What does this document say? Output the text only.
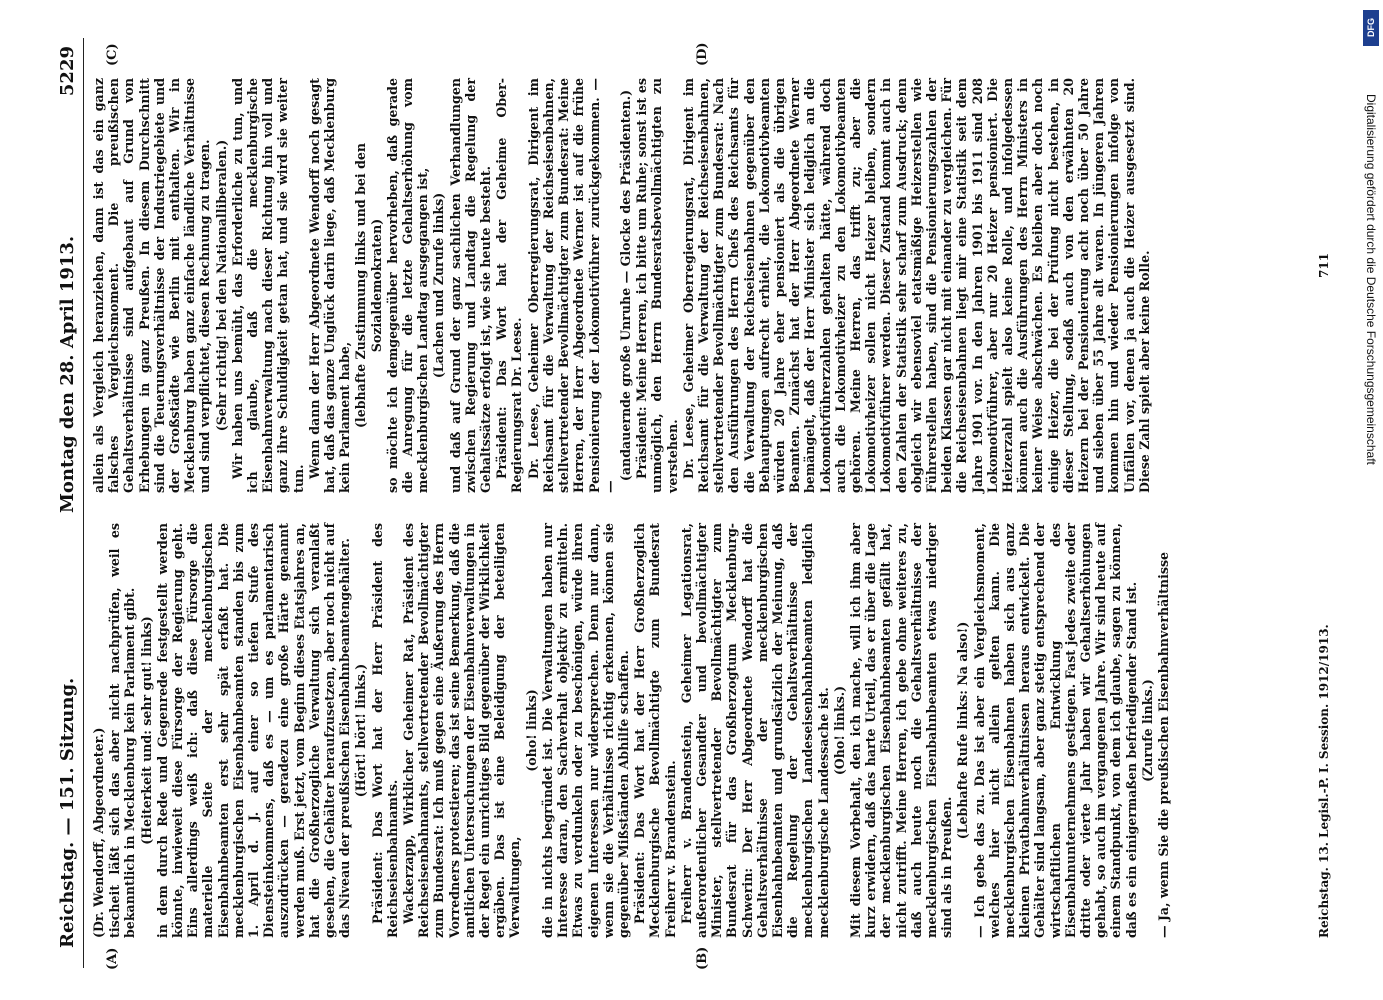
Reichstag. — 151. Sitzung.
Montag den 28. April 1913.
5229
(A)	(B)
(C)	(D)

(Dr. Wendorff, Abgeordneter.) tischeit läßt sich das aber nicht nachprüfen, weil es bekanntlich in Mecklenburg kein Parlament gibt. (Heiterkeit und: sehr gut! links) in dem durch Rede und Gegenrede festgestellt werden könnte, inwieweit diese Fürsorge der Regierung geht. Eins allerdings weiß ich: daß diese Fürsorge die materielle Seite der mecklenburgischen Eisenbahnbeamten erst sehr spät erfaßt hat. Die mecklenburgischen Eisenbahnbeamten standen bis zum 1. April d. J. auf einer so tiefen Stufe des Diensteinkommens, daß es — um es parlamentarisch auszudrücken — geradezu eine große Härte genannt werden muß. Erst jetzt, vom Beginn dieses Etatsjahres an, hat die Großherzogliche Verwaltung sich veranlaßt gesehen, die Gehälter heraufzusetzen, aber noch nicht auf das Niveau der preußischen Eisenbahnbeamtengehälter. (Hört! hört! links.) Präsident: Das Wort hat der Herr Präsident des Reichseisenbahnamts. Wackerzapp, Wirklicher Geheimer Rat, Präsident des Reichseisenbahnamts, stellvertretender Bevollmächtigter zum Bundesrat: Ich muß gegen eine Äußerung des Herrn Vorredners protestieren; das ist seine Bemerkung, daß die amtlichen Untersuchungen der Eisenbahnverwaltungen in der Regel ein unrichtiges Bild gegenüber der Wirklichkeit ergäben. Das ist eine Beleidigung der beteiligten Verwaltungen,

(oho! links) die in nichts begründet ist. Die Verwaltungen haben nur Interesse daran, den Sachverhalt objektiv zu ermitteln. Etwas zu verdunkeln oder zu beschönigen, würde ihren eigenen Interessen nur widersprechen. Denn nur dann, wenn sie die Verhältnisse richtig erkennen, können sie gegenüber Mißständen Abhilfe schaffen. Präsident: Das Wort hat der Herr Großherzoglich Mecklenburgische Bevollmächtigte zum Bundesrat Freiherr v. Brandenstein. Freiherr v. Brandenstein, Geheimer Legationsrat, außerordentlicher Gesandter und bevollmächtigter Minister, stellvertretender Bevollmächtigter zum Bundesrat für das Großherzogtum Mecklenburg-Schwerin: Der Herr Abgeordnete Wendorff hat die Gehaltsverhältnisse der mecklenburgischen Eisenbahnbeamten und grundsätzlich der Meinung, daß die Regelung der Gehaltsverhältnisse der mecklenburgischen Landeseisenbahnbeamten lediglich mecklenburgische Landessache ist. (Oho! links.) Mit diesem Vorbehalt, den ich mache, will ich ihm aber kurz erwidern, daß das harte Urteil, das er über die Lage der mecklenburgischen Eisenbahnbeamten gefällt hat, nicht zutrifft. Meine Herren, ich gebe ohne weiteres zu, daß auch heute noch die Gehaltsverhältnisse der mecklenburgischen Eisenbahnbeamten etwas niedriger sind als in Preußen.

(Lebhafte Rufe links: Na also!) — Ich gebe das zu. Das ist aber ein Vergleichsmoment, welches hier nicht allein gelten kann. Die mecklenburgischen Eisenbahnen haben sich aus ganz kleinen Privatbahnverhältnissen heraus entwickelt. Die Gehälter sind langsam, aber ganz stetig entsprechend der wirtschaftlichen Entwicklung des Eisenbahnunternehmens gestiegen. Fast jedes zweite oder dritte oder vierte Jahr haben wir Gehaltserhöhungen gehabt, so auch im vergangenen Jahre. Wir sind heute auf einem Standpunkt, von dem ich glaube, sagen zu können, daß es ein einigermaßen befriedigender Stand ist. (Zurufe links.) — Ja, wenn Sie die preußischen Eisenbahnverhältnisse

allein als Vergleich heranziehen, dann ist das ein ganz falsches Vergleichsmoment. Die preußischen Gehaltsverhältnisse sind aufgebaut auf Grund von Erhebungen in ganz Preußen. In diesem Durchschnitt sind die Teuerungsverhältnisse der Industriegebiete und der Großstädte wie Berlin mit enthalten. Wir in Mecklenburg haben ganz einfache ländliche Verhältnisse und sind verpflichtet, diesen Rechnung zu tragen. (Sehr richtig! bei den Nationalliberalen.) Wir haben uns bemüht, das Erforderliche zu tun, und ich glaube, daß die mecklenburgische Eisenbahnverwaltung nach dieser Richtung hin voll und ganz ihre Schuldigkeit getan hat, und sie wird sie weiter tun. Wenn dann der Herr Abgeordnete Wendorff noch gesagt hat, daß das ganze Unglück darin liege, daß Mecklenburg kein Parlament habe, (lebhafte Zustimmung links und bei den Sozialdemokraten) so möchte ich demgegenüber hervorheben, daß gerade die Anregung für die letzte Gehaltserhöhung vom mecklenburgischen Landtag ausgegangen ist, (Lachen und Zurufe links) und daß auf Grund der ganz sachlichen Verhandlungen zwischen Regierung und Landtag die Regelung der Gehaltssätze erfolgt ist, wie sie heute besteht. Präsident: Das Wort hat der Geheime Ober-Regierungsrat Dr. Leese. Dr. Leese, Geheimer Oberregierungsrat, Dirigent im Reichsamt für die Verwaltung der Reichseisenbahnen, stellvertretender Bevollmächtigter zum Bundesrat: Meine Herren, der Herr Abgeordnete Werner ist auf die frühe Pensionierung der Lokomotivführer zurückgekommen. — —

(andauernde große Unruhe — Glocke des Präsidenten.) Präsident: Meine Herren, ich bitte um Ruhe; sonst ist es unmöglich, den Herrn Bundesratsbevollmächtigten zu verstehen. Dr. Leese, Geheimer Oberregierungsrat, Dirigent im Reichsamt für die Verwaltung der Reichseisenbahnen, stellvertretender Bevollmächtigter zum Bundesrat: Nach den Ausführungen des Herrn Chefs des Reichsamts für die Verwaltung der Reichseisenbahnen gegenüber den Behauptungen aufrecht erhielt, die Lokomotivbeamten würden 20 Jahre eher pensioniert als die übrigen Beamten. Zunächst hat der Herr Abgeordnete Werner bemängelt, daß der Herr Minister sich lediglich an die Lokomotivführerzahlen gehalten hätte, während doch auch die Lokomotivheizer zu den Lokomotivbeamten gehören. Meine Herren, das trifft zu; aber die Lokomotivheizer sollen nicht Heizer bleiben, sondern Lokomotivführer werden. Dieser Zustand kommt auch in den Zahlen der Statistik sehr scharf zum Ausdruck; denn obgleich wir ebensoviel etatsmäßige Heizerstellen wie Führerstellen haben, sind die Pensionierungszahlen der beiden Klassen gar nicht mit einander zu vergleichen. Für die Reichseisenbahnen liegt mir eine Statistik seit dem Jahre 1901 vor. In den Jahren 1901 bis 1911 sind 208 Lokomotivführer, aber nur 20 Heizer pensioniert. Die Heizerzahl spielt also keine Rolle, und infolgedessen können auch die Ausführungen des Herrn Ministers in keiner Weise abschwächen. Es bleiben aber doch noch einige Heizer, die bei der Prüfung nicht bestehen, in dieser Stellung, sodaß auch von den erwähnten 20 Heizern bei der Pensionierung acht noch über 50 Jahre und sieben über 55 Jahre alt waren. In jüngeren Jahren kommen hin und wieder Pensionierungen infolge von Unfällen vor, denen ja auch die Heizer ausgesetzt sind. Diese Zahl spielt aber keine Rolle.

Reichstag. 13. Legisl.-P. I. Session. 1912/1913.
711
DFG
Digitalisierung gefördert durch die Deutsche Forschungsgemeinschaft
